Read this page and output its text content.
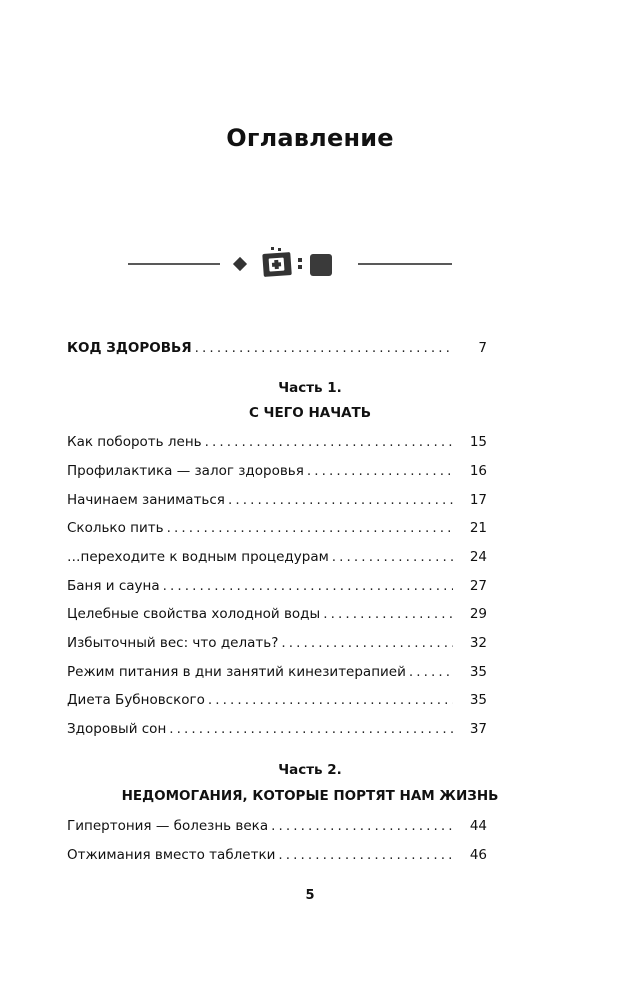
Оглавление
КОД ЗДОРОВЬЯ . . .	7
Часть 1.
С ЧЕГО НАЧАТЬ
Как побороть лень . . .	15
Профилактика — залог здоровья . . .	16
Начинаем заниматься . . .	17
Сколько пить . . .	21
…переходите к водным процедурам . . .	24
Баня и сауна . . .	27
Целебные свойства холодной воды . . .	29
Избыточный вес: что делать? . . .	32
Режим питания в дни занятий кинезитерапией . . .	35
Диета Бубновского . . .	35
Здоровый сон . . .	37
Часть 2.
НЕДОМОГАНИЯ, КОТОРЫЕ ПОРТЯТ НАМ ЖИЗНЬ
Гипертония — болезнь века . . .	44
Отжимания вместо таблетки . . .	46
5
